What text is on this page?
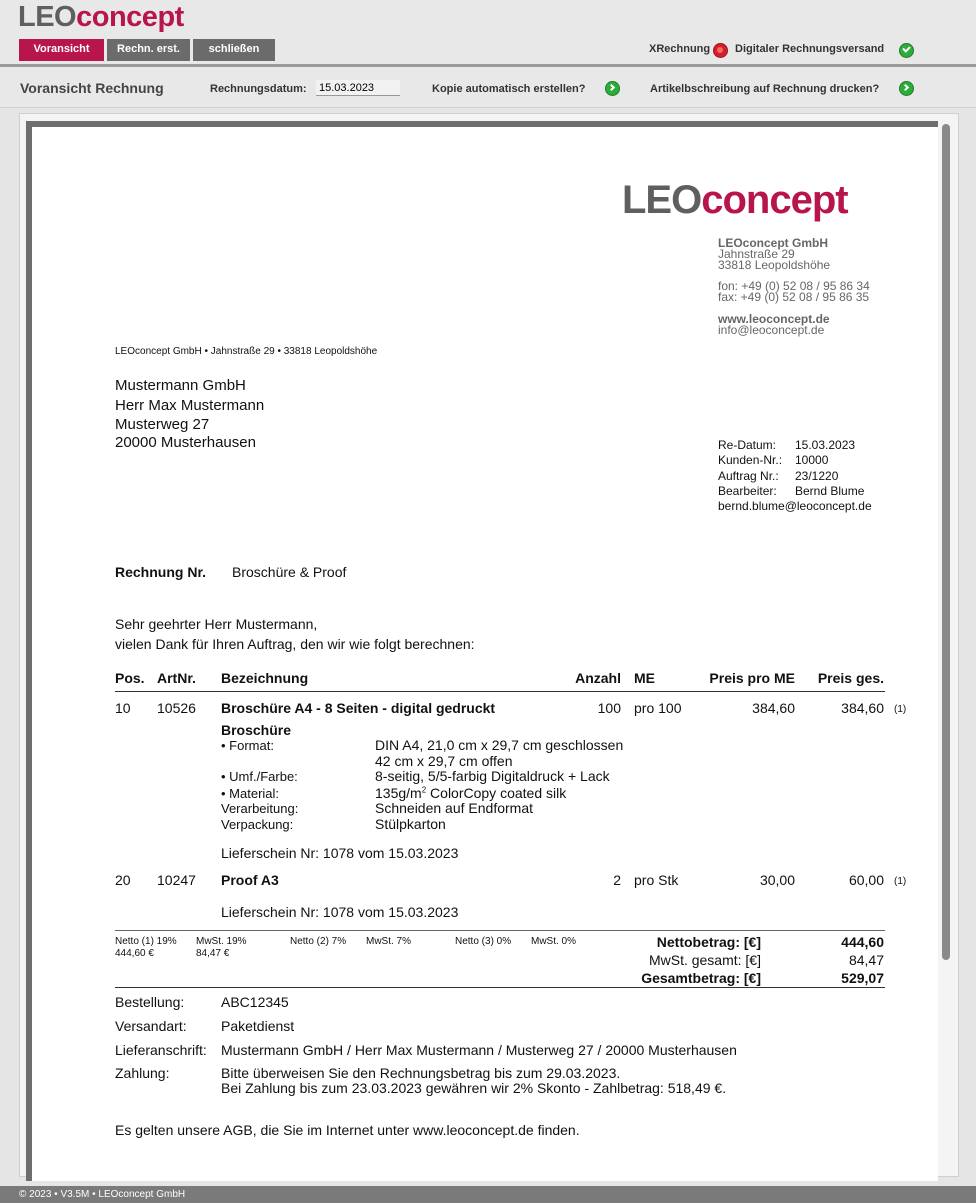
LEOconcept
Voransicht	Rechn. erst.	schließen	XRechnung Digitaler Rechnungsversand
Voransicht Rechnung	Rechnungsdatum:
15.03.2023	Kopie automatisch erstellen?	Artikelbschreibung auf Rechnung drucken?
LEOconcept
LEOconcept GmbH
Jahnstraße 29
33818 Leopoldshöhe
fon: +49 (0) 52 08 / 95 86 34
fax: +49 (0) 52 08 / 95 86 35
www.leoconcept.de
info@leoconcept.de
LEOconcept GmbH • Jahnstraße 29 • 33818 Leopoldshöhe
Mustermann GmbH
Herr Max Mustermann
Musterweg 27
20000 Musterhausen	Re-Datum: 15.03.2023
Kunden-Nr.: 10000
Auftrag Nr.: 23/1220
Bearbeiter: Bernd Blume
bernd.blume@leoconcept.de
Rechnung Nr. Broschüre & Proof
Sehr geehrter Herr Mustermann,
vielen Dank für Ihren Auftrag, den wir wie folgt berechnen:
Pos. ArtNr. Bezeichnung	Anzahl ME	Preis pro ME	Preis ges.
10 10526 Broschüre A4 - 8 Seiten - digital gedruckt	100 pro 100	384,60	384,60 (1)
Broschüre
• Format:	DIN A4, 21,0 cm x 29,7 cm geschlossen
42 cm x 29,7 cm offen
• Umf./Farbe:	8-seitig, 5/5-farbig Digitaldruck + Lack
• Material:	$135g/m^2$ ColorCopy coated silk
Verarbeitung:	Schneiden auf Endformat
Verpackung:	Stülpkarton
Lieferschein Nr: 1078 vom 15.03.2023
20 10247 Proof A3	2 pro Stk	30,00	60,00 (1)
Lieferschein Nr: 1078 vom 15.03.2023
Netto (1) 19%
444,60 €
MwSt. 19%
84,47 €
Netto (2) 7% MwSt. 7%	Netto (3) 0% MwSt. 0%	Nettobetrag: [€]	444,60
MwSt. gesamt: [€]	84,47
Gesamtbetrag: [€]	529,07
Bestellung:	ABC12345
Versandart: Paketdienst
Lieferanschrift: Mustermann GmbH / Herr Max Mustermann / Musterweg 27 / 20000 Musterhausen
Zahlung:	Bitte überweisen Sie den Rechnungsbetrag bis zum 29.03.2023.
Bei Zahlung bis zum 23.03.2023 gewähren wir 2% Skonto - Zahlbetrag: 518,49 €.
Es gelten unsere AGB, die Sie im Internet unter www.leoconcept.de finden.
© 2023 • V3.5M • LEOconcept GmbH
